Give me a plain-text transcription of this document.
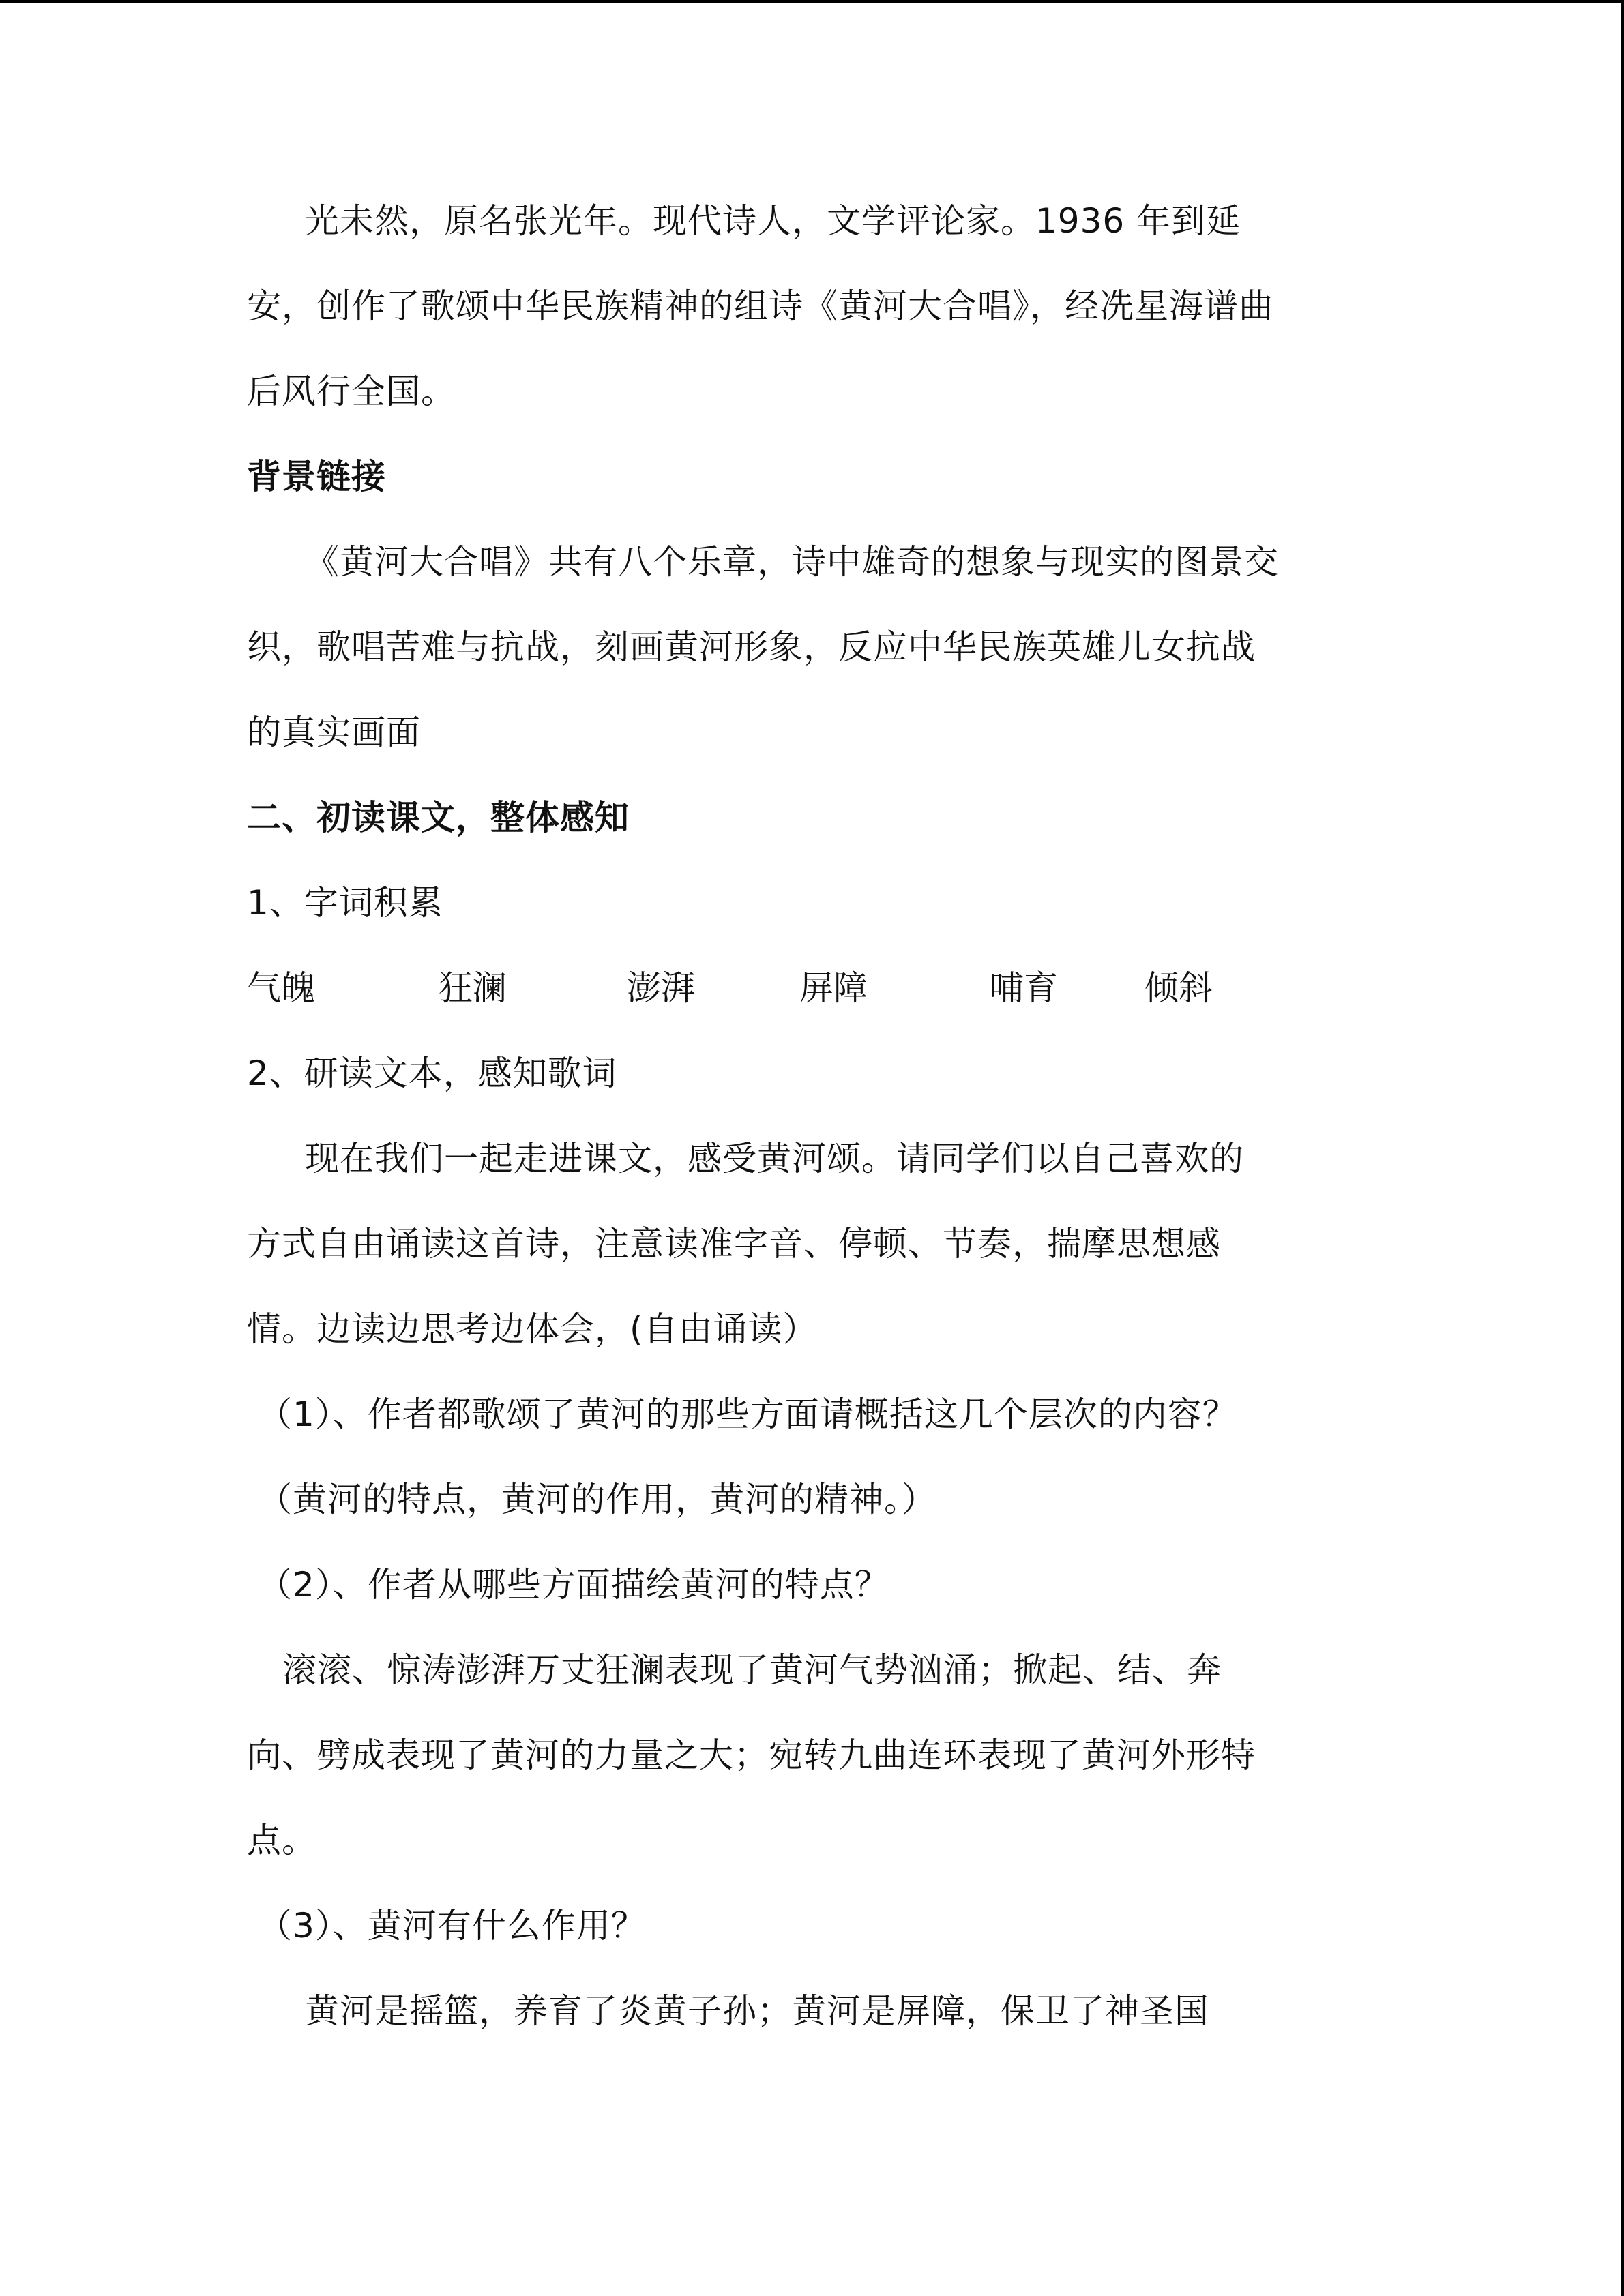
光未然，原名张光年。现代诗人，文学评论家。1936 年到延
安，创作了歌颂中华民族精神的组诗《黄河大合唱》，经冼星海谱曲
后风行全国。
背景链接
《黄河大合唱》共有八个乐章，诗中雄奇的想象与现实的图景交
织，歌唱苦难与抗战，刻画黄河形象，反应中华民族英雄儿女抗战
的真实画面
二、初读课文，整体感知
1、字词积累
气魄	狂澜	澎湃	屏障	哺育	倾斜
2、研读文本，感知歌词
现在我们一起走进课文，感受黄河颂。请同学们以自己喜欢的
方式自由诵读这首诗，注意读准字音、停顿、节奏，揣摩思想感
情。边读边思考边体会，(自由诵读）
（1）、作者都歌颂了黄河的那些方面请概括这几个层次的内容？
（黄河的特点，黄河的作用，黄河的精神。）
（2）、作者从哪些方面描绘黄河的特点？
滚滚、惊涛澎湃万丈狂澜表现了黄河气势汹涌；掀起、结、奔
向、劈成表现了黄河的力量之大；宛转九曲连环表现了黄河外形特
点。
（3）、黄河有什么作用？
黄河是摇篮，养育了炎黄子孙；黄河是屏障，保卫了神圣国
